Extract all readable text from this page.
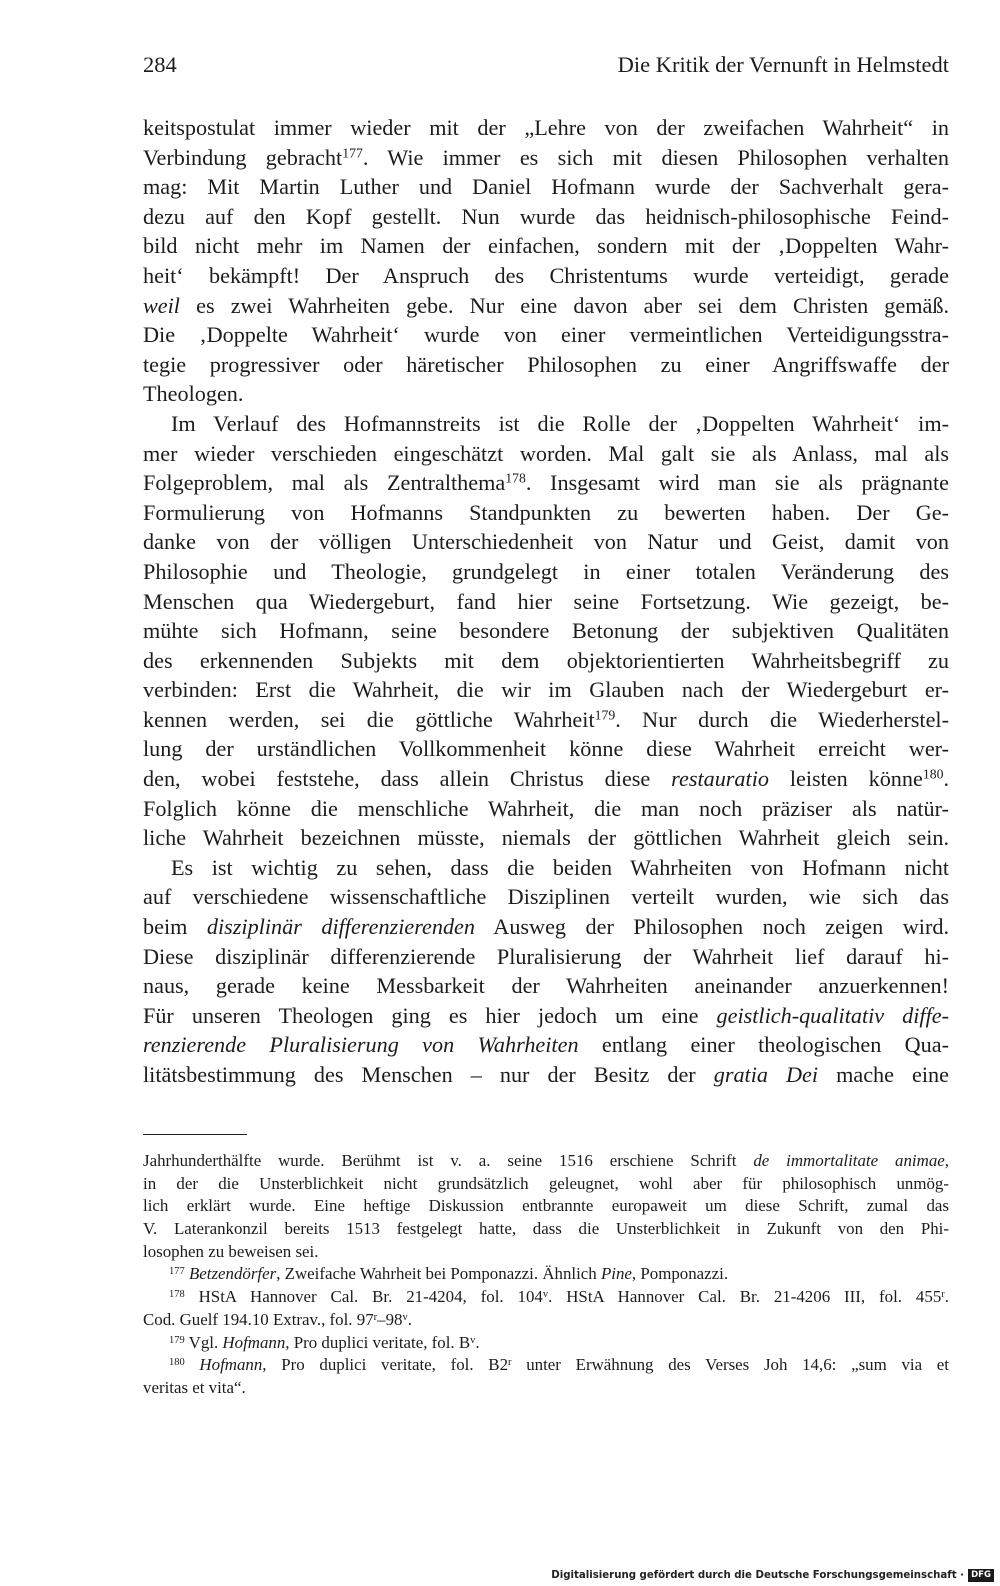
284	Die Kritik der Vernunft in Helmstedt
keitspostulat immer wieder mit der „Lehre von der zweifachen Wahrheit“ in
Verbindung gebracht$^{177}$. Wie immer es sich mit diesen Philosophen verhalten
mag: Mit Martin Luther und Daniel Hofmann wurde der Sachverhalt gera-
dezu auf den Kopf gestellt. Nun wurde das heidnisch-philosophische Feind-
bild nicht mehr im Namen der einfachen, sondern mit der ‚Doppelten Wahr-
heit‘ bekämpft! Der Anspruch des Christentums wurde verteidigt, gerade
weil es zwei Wahrheiten gebe. Nur eine davon aber sei dem Christen gemäß.
Die ‚Doppelte Wahrheit‘ wurde von einer vermeintlichen Verteidigungsstra-
tegie progressiver oder häretischer Philosophen zu einer Angriffswaffe der
Theologen.
Im Verlauf des Hofmannstreits ist die Rolle der ‚Doppelten Wahrheit‘ im-
mer wieder verschieden eingeschätzt worden. Mal galt sie als Anlass, mal als
Folgeproblem, mal als Zentralthema$^{178}$. Insgesamt wird man sie als prägnante
Formulierung von Hofmanns Standpunkten zu bewerten haben. Der Ge-
danke von der völligen Unterschiedenheit von Natur und Geist, damit von
Philosophie und Theologie, grundgelegt in einer totalen Veränderung des
Menschen qua Wiedergeburt, fand hier seine Fortsetzung. Wie gezeigt, be-
mühte sich Hofmann, seine besondere Betonung der subjektiven Qualitäten
des erkennenden Subjekts mit dem objektorientierten Wahrheitsbegriff zu
verbinden: Erst die Wahrheit, die wir im Glauben nach der Wiedergeburt er-
kennen werden, sei die göttliche Wahrheit$^{179}$. Nur durch die Wiederherstel-
lung der urständlichen Vollkommenheit könne diese Wahrheit erreicht wer-
den, wobei feststehe, dass allein Christus diese restauratio leisten könne$^{180}$.
Folglich könne die menschliche Wahrheit, die man noch präziser als natür-
liche Wahrheit bezeichnen müsste, niemals der göttlichen Wahrheit gleich sein.
Es ist wichtig zu sehen, dass die beiden Wahrheiten von Hofmann nicht
auf verschiedene wissenschaftliche Disziplinen verteilt wurden, wie sich das
beim disziplinär differenzierenden Ausweg der Philosophen noch zeigen wird.
Diese disziplinär differenzierende Pluralisierung der Wahrheit lief darauf hi-
naus, gerade keine Messbarkeit der Wahrheiten aneinander anzuerkennen!
Für unseren Theologen ging es hier jedoch um eine geistlich-qualitativ diffe-
renzierende Pluralisierung von Wahrheiten entlang einer theologischen Qua-
litätsbestimmung des Menschen – nur der Besitz der gratia Dei mache eine
Jahrhunderthälfte wurde. Berühmt ist v. a. seine 1516 erschiene Schrift de immortalitate animae,
in der die Unsterblichkeit nicht grundsätzlich geleugnet, wohl aber für philosophisch unmög-
lich erklärt wurde. Eine heftige Diskussion entbrannte europaweit um diese Schrift, zumal das
V. Laterankonzil bereits 1513 festgelegt hatte, dass die Unsterblichkeit in Zukunft von den Phi-
losophen zu beweisen sei.
$^{177}$ Betzendörfer, Zweifache Wahrheit bei Pomponazzi. Ähnlich Pine, Pomponazzi.
$^{178}$ HStA Hannover Cal. Br. 21-4204, fol. 104$^v$. HStA Hannover Cal. Br. 21-4206 III, fol. 455$^r$.
Cod. Guelf 194.10 Extrav., fol. 97$^r$–98$^v$.
$^{179}$ Vgl. Hofmann, Pro duplici veritate, fol. $B^v$.
$^{180}$ Hofmann, Pro duplici veritate, fol. B2$^r$ unter Erwähnung des Verses Joh 14,6: „sum via et
veritas et vita“.
Digitalisierung gefördert durch die Deutsche Forschungsgemeinschaft · DFG
